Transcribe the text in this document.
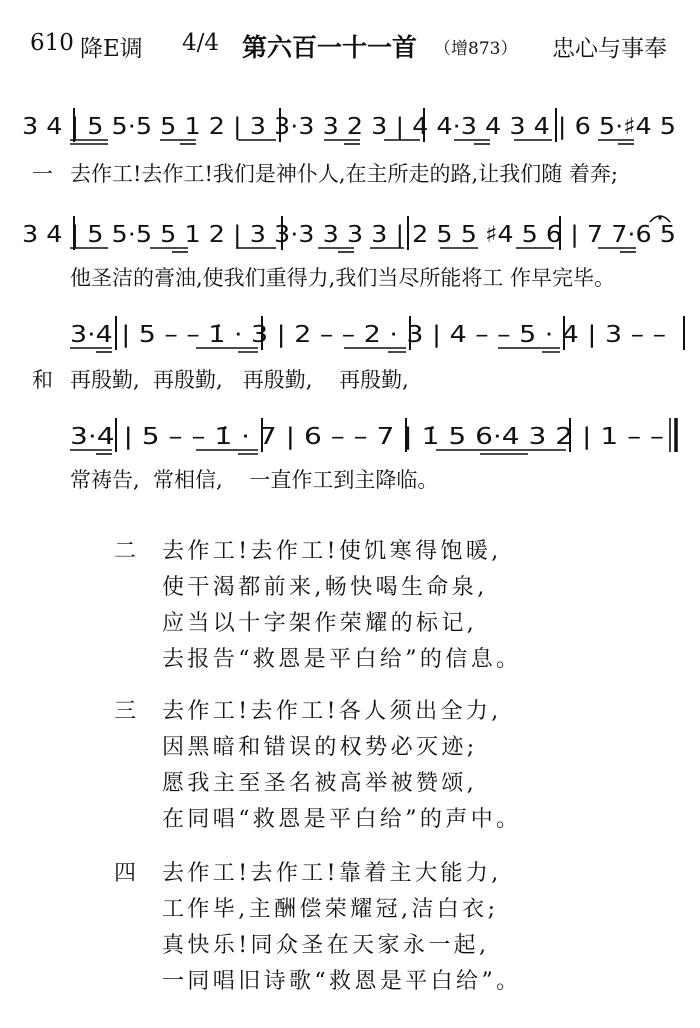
610 降E调 4/4 第六百一十一首 （增873） 忠心与事奉
3 4 | 5 5·5 5 1 2 | 3 3·3 3 2 3 | 4 4·3 4 3 4 | 6 5·♯4 5

一

去作工!去作工!我们是神仆人,在主所走的路,让我们随 着奔;

3 4 | 5 5·5 5 1 2 | 3 3·3 3 3 3 | 2 5 5 ♯4 5 6 | 7 7·6 5

他圣洁的膏油,使我们重得力,我们当尽所能将工 作早完毕。

3·4 | 5 – – 1̇ · 3 | 2 – – 2 · 3 | 4 – – 5 · 4 | 3 – –

和

再殷勤,  再殷勤,   再殷勤,    再殷勤,

3·4 | 5 – – 1̇ · 7 | 6 – – 7 | 1̇ 5 6·4 3 2 | 1 – –

常祷告,  常相信,    一直作工到主降临。

二 去作工!去作工!使饥寒得饱暖,
使干渴都前来,畅快喝生命泉,
应当以十字架作荣耀的标记,
去报告“救恩是平白给”的信息。
三 去作工!去作工!各人须出全力,
因黑暗和错误的权势必灭迹;
愿我主至圣名被高举被赞颂,
在同唱“救恩是平白给”的声中。
四 去作工!去作工!靠着主大能力,
工作毕,主酬偿荣耀冠,洁白衣;
真快乐!同众圣在天家永一起,
一同唱旧诗歌“救恩是平白给”。
